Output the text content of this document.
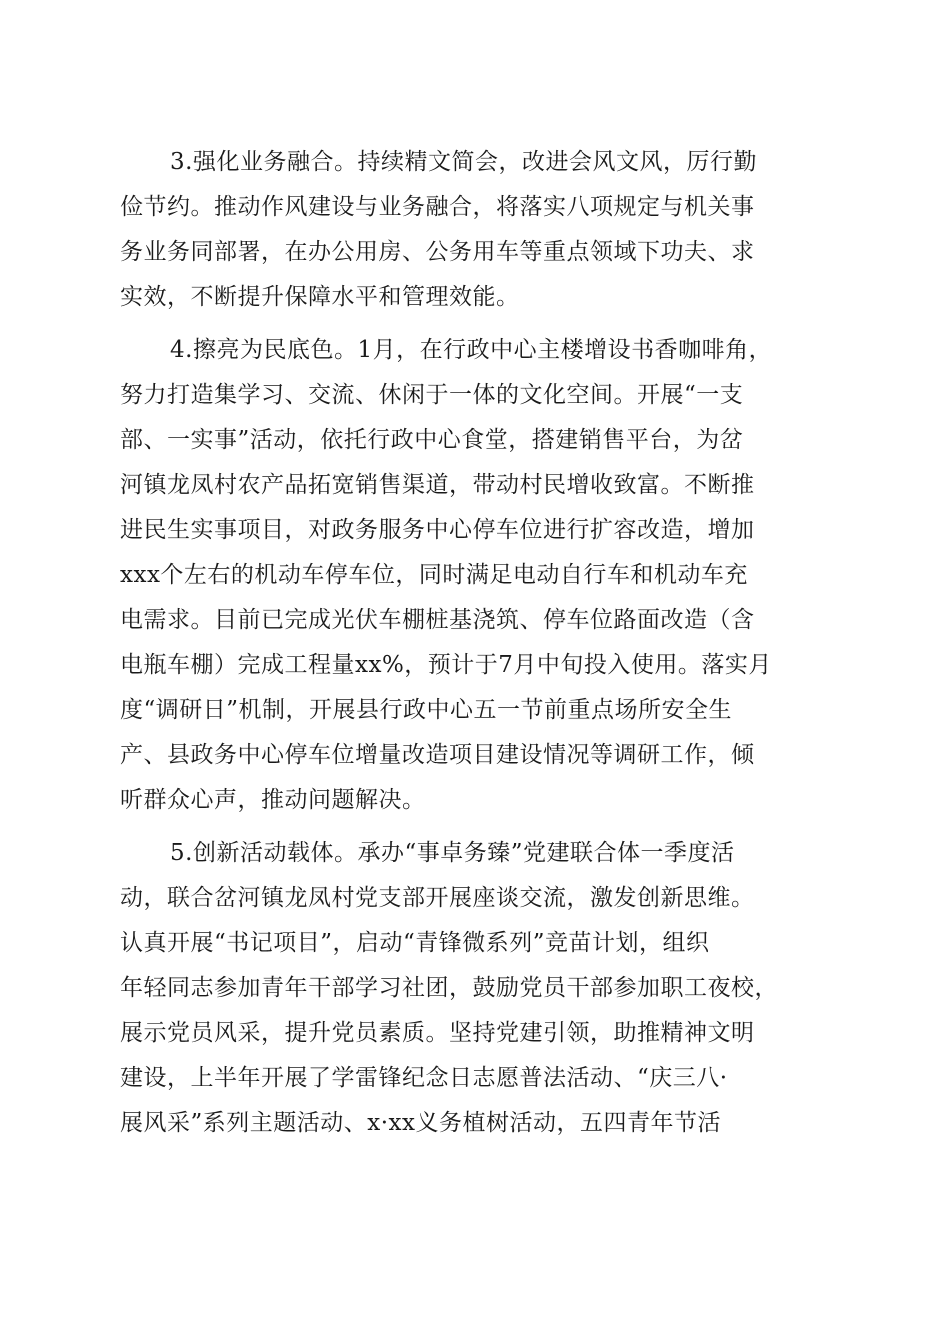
3.强化业务融合。持续精文简会，改进会风文风，厉行勤
俭节约。推动作风建设与业务融合，将落实八项规定与机关事
务业务同部署，在办公用房、公务用车等重点领域下功夫、求
实效，不断提升保障水平和管理效能。
4.擦亮为民底色。1月，在行政中心主楼增设书香咖啡角，
努力打造集学习、交流、休闲于一体的文化空间。开展“一支
部、一实事”活动，依托行政中心食堂，搭建销售平台，为岔
河镇龙凤村农产品拓宽销售渠道，带动村民增收致富。不断推
进民生实事项目，对政务服务中心停车位进行扩容改造，增加
xxx个左右的机动车停车位，同时满足电动自行车和机动车充
电需求。目前已完成光伏车棚桩基浇筑、停车位路面改造（含
电瓶车棚）完成工程量xx%，预计于7月中旬投入使用。落实月
度“调研日”机制，开展县行政中心五一节前重点场所安全生
产、县政务中心停车位增量改造项目建设情况等调研工作，倾
听群众心声，推动问题解决。
5.创新活动载体。承办“事卓务臻”党建联合体一季度活
动，联合岔河镇龙凤村党支部开展座谈交流，激发创新思维。
认真开展“书记项目”，启动“青锋微系列”竞苗计划，组织
年轻同志参加青年干部学习社团，鼓励党员干部参加职工夜校，
展示党员风采，提升党员素质。坚持党建引领，助推精神文明
建设，上半年开展了学雷锋纪念日志愿普法活动、“庆三八·
展风采”系列主题活动、x·xx义务植树活动，五四青年节活
